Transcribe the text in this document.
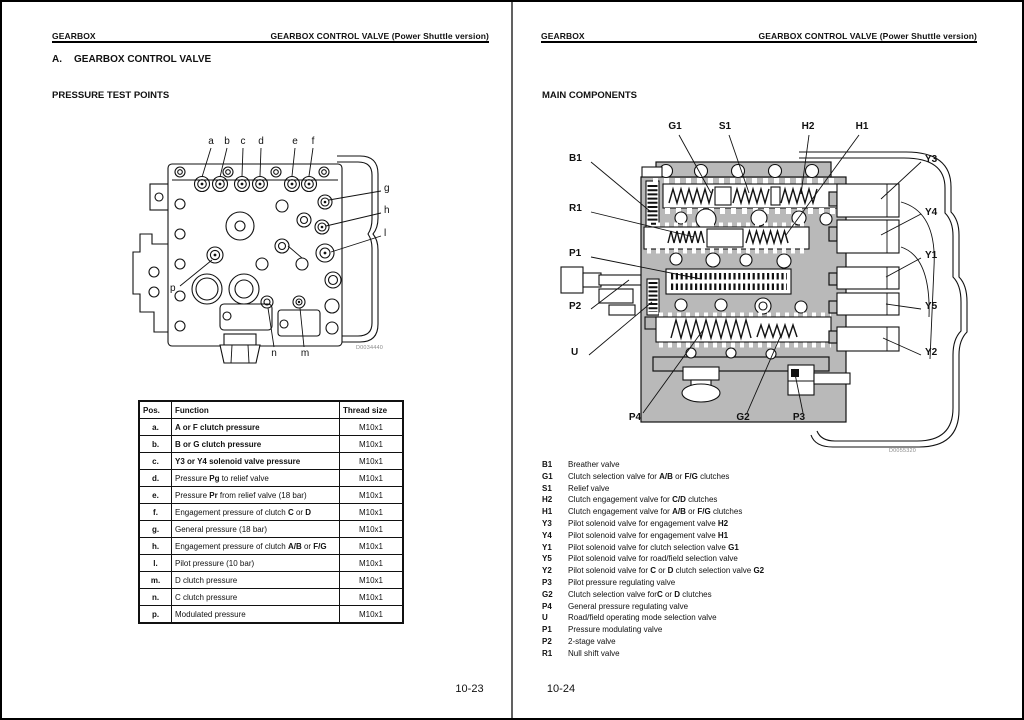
GEARBOX	GEARBOX CONTROL VALVE (Power Shuttle version)
A. GEARBOX CONTROL VALVE
PRESSURE TEST POINTS
a b c d	e f
g
h
l
p
n m	D0034440
Pos.	Function	Thread size
a.	A or F clutch pressure	M10x1
b.	B or G clutch pressure	M10x1
c.	Y3 or Y4 solenoid valve pressure	M10x1
d.	Pressure Pg to relief valve	M10x1
e.	Pressure Pr from relief valve (18 bar)	M10x1
f.	Engagement pressure of clutch C or D	M10x1
g.	General pressure (18 bar)	M10x1
h.	Engagement pressure of clutch A/B or F/G	M10x1
l.	Pilot pressure (10 bar)	M10x1
m.	D clutch pressure	M10x1
n.	C clutch pressure	M10x1
p.	Modulated pressure	M10x1
10-23
GEARBOX	GEARBOX CONTROL VALVE (Power Shuttle version)
MAIN COMPONENTS
G1	S1	H2	H1
B1
R1
P1
P2
U
Y3
Y4
Y1
Y5
Y2
P4	G2	P3
D0055320
B1	Breather valve
G1	Clutch selection valve for A/B or F/G clutches
S1	Relief valve
H2	Clutch engagement valve for C/D clutches
H1	Clutch engagement valve for A/B or F/G clutches
Y3	Pilot solenoid valve for engagement valve H2
Y4	Pilot solenoid valve for engagement valve H1
Y1	Pilot solenoid valve for clutch selection valve G1
Y5	Pilot solenoid valve for road/field selection valve
Y2	Pilot solenoid valve for C or D clutch selection valve G2
P3	Pilot pressure regulating valve
G2	Clutch selection valve forC or D clutches
P4	General pressure regulating valve
U	Road/field operating mode selection valve
P1	Pressure modulating valve
P2	2-stage valve
R1	Null shift valve
10-24
